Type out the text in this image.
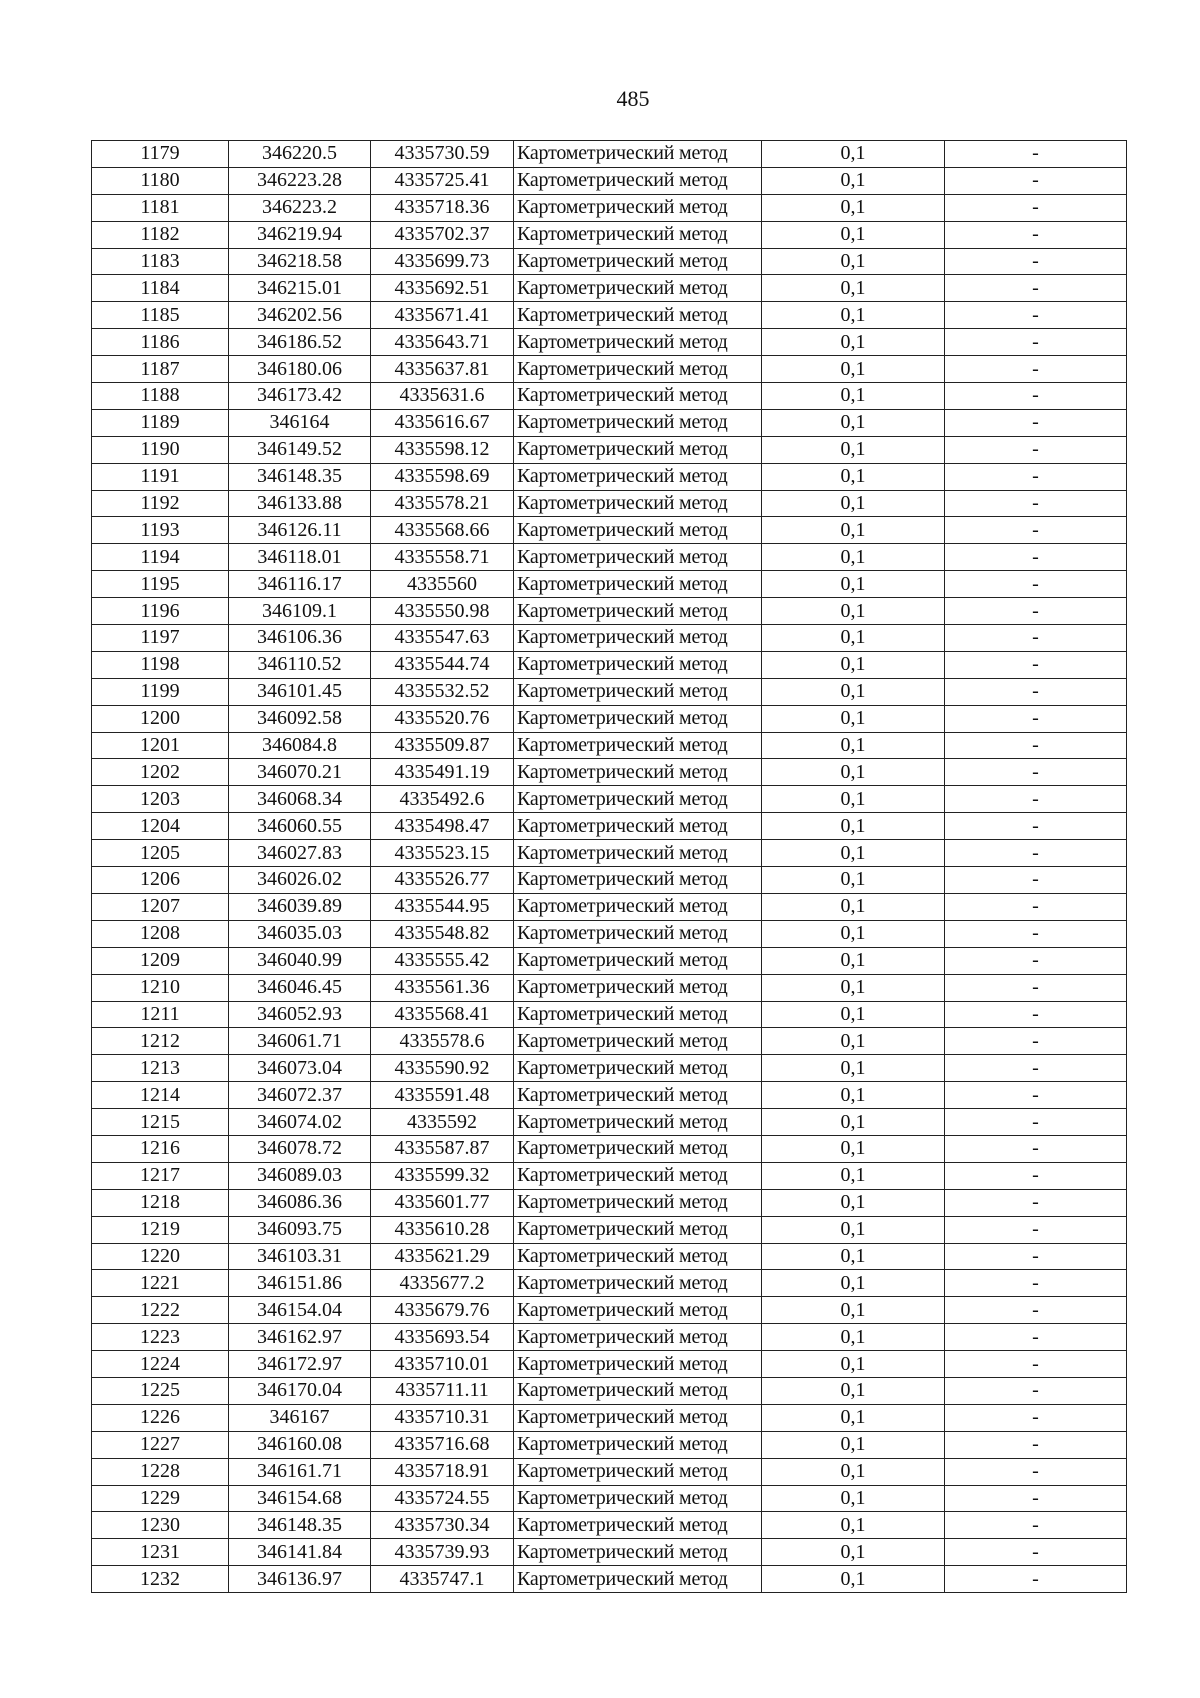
485
1179	346220.5	4335730.59	Картометрический метод	0,1	-
1180	346223.28	4335725.41	Картометрический метод	0,1	-
1181	346223.2	4335718.36	Картометрический метод	0,1	-
1182	346219.94	4335702.37	Картометрический метод	0,1	-
1183	346218.58	4335699.73	Картометрический метод	0,1	-
1184	346215.01	4335692.51	Картометрический метод	0,1	-
1185	346202.56	4335671.41	Картометрический метод	0,1	-
1186	346186.52	4335643.71	Картометрический метод	0,1	-
1187	346180.06	4335637.81	Картометрический метод	0,1	-
1188	346173.42	4335631.6	Картометрический метод	0,1	-
1189	346164	4335616.67	Картометрический метод	0,1	-
1190	346149.52	4335598.12	Картометрический метод	0,1	-
1191	346148.35	4335598.69	Картометрический метод	0,1	-
1192	346133.88	4335578.21	Картометрический метод	0,1	-
1193	346126.11	4335568.66	Картометрический метод	0,1	-
1194	346118.01	4335558.71	Картометрический метод	0,1	-
1195	346116.17	4335560	Картометрический метод	0,1	-
1196	346109.1	4335550.98	Картометрический метод	0,1	-
1197	346106.36	4335547.63	Картометрический метод	0,1	-
1198	346110.52	4335544.74	Картометрический метод	0,1	-
1199	346101.45	4335532.52	Картометрический метод	0,1	-
1200	346092.58	4335520.76	Картометрический метод	0,1	-
1201	346084.8	4335509.87	Картометрический метод	0,1	-
1202	346070.21	4335491.19	Картометрический метод	0,1	-
1203	346068.34	4335492.6	Картометрический метод	0,1	-
1204	346060.55	4335498.47	Картометрический метод	0,1	-
1205	346027.83	4335523.15	Картометрический метод	0,1	-
1206	346026.02	4335526.77	Картометрический метод	0,1	-
1207	346039.89	4335544.95	Картометрический метод	0,1	-
1208	346035.03	4335548.82	Картометрический метод	0,1	-
1209	346040.99	4335555.42	Картометрический метод	0,1	-
1210	346046.45	4335561.36	Картометрический метод	0,1	-
1211	346052.93	4335568.41	Картометрический метод	0,1	-
1212	346061.71	4335578.6	Картометрический метод	0,1	-
1213	346073.04	4335590.92	Картометрический метод	0,1	-
1214	346072.37	4335591.48	Картометрический метод	0,1	-
1215	346074.02	4335592	Картометрический метод	0,1	-
1216	346078.72	4335587.87	Картометрический метод	0,1	-
1217	346089.03	4335599.32	Картометрический метод	0,1	-
1218	346086.36	4335601.77	Картометрический метод	0,1	-
1219	346093.75	4335610.28	Картометрический метод	0,1	-
1220	346103.31	4335621.29	Картометрический метод	0,1	-
1221	346151.86	4335677.2	Картометрический метод	0,1	-
1222	346154.04	4335679.76	Картометрический метод	0,1	-
1223	346162.97	4335693.54	Картометрический метод	0,1	-
1224	346172.97	4335710.01	Картометрический метод	0,1	-
1225	346170.04	4335711.11	Картометрический метод	0,1	-
1226	346167	4335710.31	Картометрический метод	0,1	-
1227	346160.08	4335716.68	Картометрический метод	0,1	-
1228	346161.71	4335718.91	Картометрический метод	0,1	-
1229	346154.68	4335724.55	Картометрический метод	0,1	-
1230	346148.35	4335730.34	Картометрический метод	0,1	-
1231	346141.84	4335739.93	Картометрический метод	0,1	-
1232	346136.97	4335747.1	Картометрический метод	0,1	-
